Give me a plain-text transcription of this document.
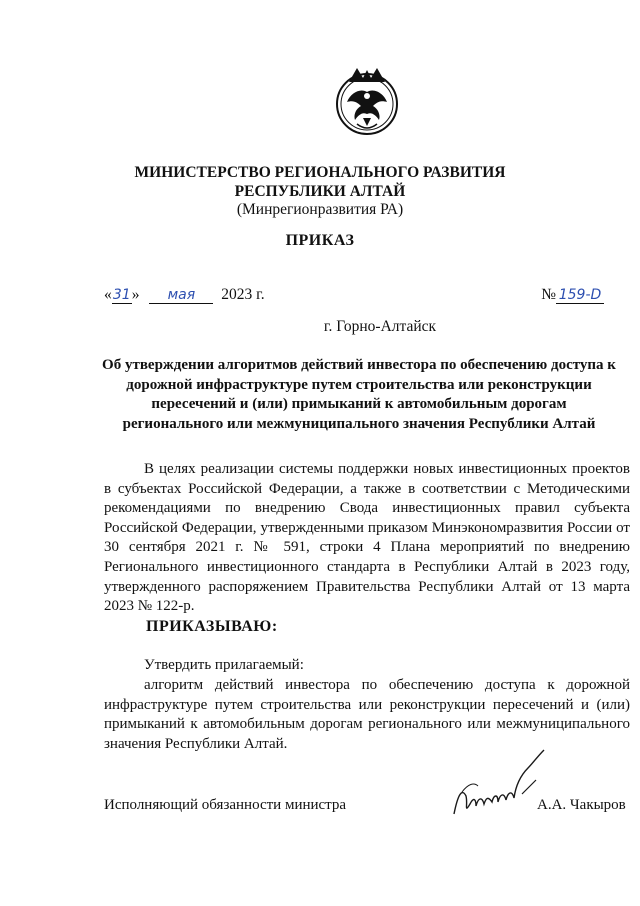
МИНИСТЕРСТВО РЕГИОНАЛЬНОГО РАЗВИТИЯ
РЕСПУБЛИКИ АЛТАЙ
(Минрегионразвития РА)
ПРИКАЗ
«31» мая 2023 г.	№ 159-D
г. Горно-Алтайск
Об утверждении алгоритмов действий инвестора по обеспечению доступа к дорожной инфраструктуре путем строительства или реконструкции пересечений и (или) примыканий к автомобильным дорогам регионального или межмуниципального значения Республики Алтай
В целях реализации системы поддержки новых инвестиционных проектов в субъектах Российской Федерации, а также в соответствии с Методическими рекомендациями по внедрению Свода инвестиционных правил субъекта Российской Федерации, утвержденными приказом Минэкономразвития России от 30 сентября 2021 г. № 591, строки 4 Плана мероприятий по внедрению Регионального инвестиционного стандарта в Республики Алтай в 2023 году, утвержденного распоряжением Правительства Республики Алтай от 13 марта 2023 № 122-р.
ПРИКАЗЫВАЮ:
Утвердить прилагаемый:
алгоритм действий инвестора по обеспечению доступа к дорожной инфраструктуре путем строительства или реконструкции пересечений и (или) примыканий к автомобильным дорогам регионального или межмуниципального значения Республики Алтай.
Исполняющий обязанности министра	А.А. Чакыров
